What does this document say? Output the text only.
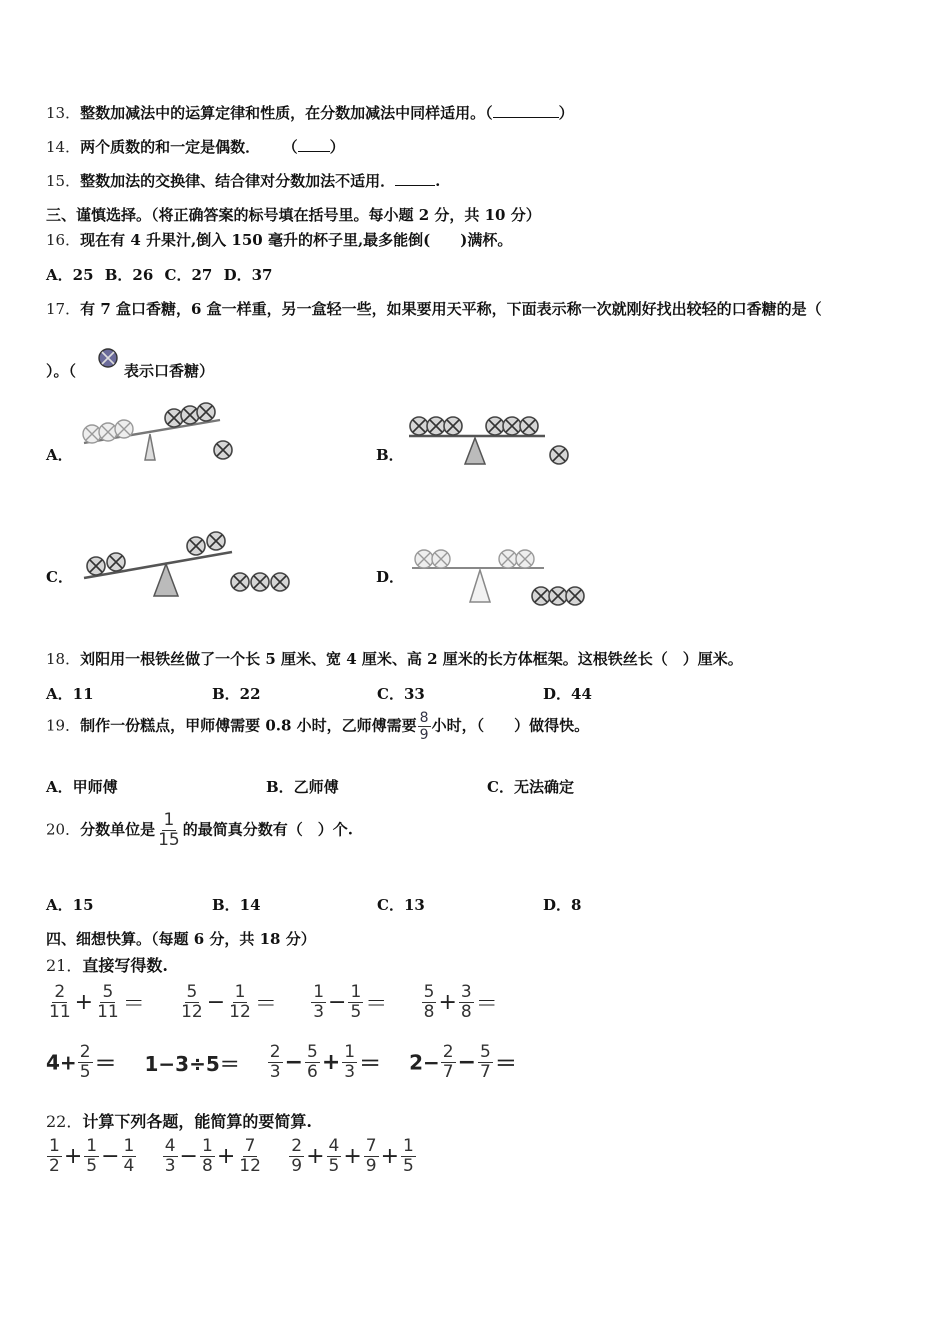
13．整数加减法中的运算定律和性质，在分数加减法中同样适用。（	）
14．两个质数的和一定是偶数． （ ）
15．整数加法的交换律、结合律对分数加法不适用．	.
三、谨慎选择。（将正确答案的标号填在括号里。每小题 2 分，共 10 分）
16．现在有 4 升果汁,倒入 150 毫升的杯子里,最多能倒(　　)满杯。
A．25 B．26 C．27 D．37
17．有 7 盒口香糖，6 盒一样重，另一盒轻一些，如果要用天平称，下面表示称一次就刚好找出较轻的口香糖的是（
）。（	表示口香糖）
A．	B．
C．	D．
18．刘阳用一根铁丝做了一个长 5 厘米、宽 4 厘米、高 2 厘米的长方体框架。这根铁丝长（　）厘米。
A．11	B．22	C．33	D．44
19．制作一份糕点，甲师傅需要 0.8 小时，乙师傅需要 $\frac{8}{9}$ 小时，（　　）做得快。
A．甲师傅	B．乙师傅	C．无法确定
20．分数单位是 $\frac{1}{15}$ 的最简真分数有（　）个.
A．15	B．14	C．13	D．8
四、细想快算。（每题 6 分，共 18 分）
21．直接写得数.
$\frac{2}{11} + \frac{5}{11} = \frac{5}{12} - \frac{1}{12} = \frac{1}{3} - \frac{1}{5} = \frac{5}{8} + \frac{3}{8}$ ＝
$4+ \frac{2}{5} = 1-3\div 5= \frac{2}{3} - \frac{5}{6} + \frac{1}{3} = 2- \frac{2}{7} - \frac{5}{7}$ ＝
22．计算下列各题，能简算的要简算.
$\frac{1}{2} + \frac{1}{5} - \frac{1}{4}$
$\frac{4}{3} - \frac{1}{8} + \frac{7}{12}$
$\frac{2}{9} + \frac{4}{5} + \frac{7}{9} + \frac{1}{5}$
